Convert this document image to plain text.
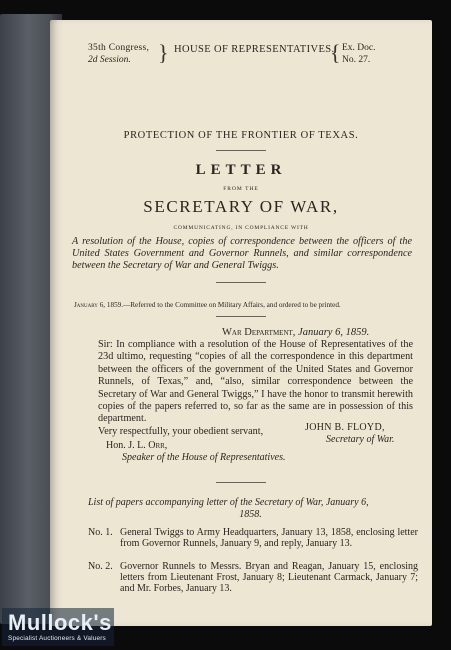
35th Congress,
2d Session.	} HOUSE OF REPRESENTATIVES.
{ Ex. Doc.
No. 27.
PROTECTION OF THE FRONTIER OF TEXAS.
LETTER
FROM THE
SECRETARY OF WAR,
COMMUNICATING, IN COMPLIANCE WITH
A resolution of the House, copies of correspondence between the officers of the United States Government and Governor Runnels, and similar correspondence between the Secretary of War and General Twiggs.
January 6, 1859.—Referred to the Committee on Military Affairs, and ordered to be printed.
War Department, January 6, 1859.
Sir: In compliance with a resolution of the House of Representatives of the 23d ultimo, requesting “copies of all the correspondence in this department between the officers of the government of the United States and Governor Runnels, of Texas,” and, “also, similar correspondence between the Secretary of War and General Twiggs,” I have the honor to transmit herewith copies of the papers referred to, so far as the same are in possession of this department.
Very respectfully, your obedient servant,	JOHN B. FLOYD,
Secretary of War.
Hon. J. L. Orr,
Speaker of the House of Representatives.
List of papers accompanying letter of the Secretary of War, January 6,
1858.
No. 1. General Twiggs to Army Headquarters, January 13, 1858, enclosing letter from Governor Runnels, January 9, and reply, January 13.
No. 2. Governor Runnels to Messrs. Bryan and Reagan, January 15, enclosing letters from Lieutenant Frost, January 8; Lieutenant Carmack, January 7; and Mr. Forbes, January 13.
Mullock's
Specialist Auctioneers & Valuers
